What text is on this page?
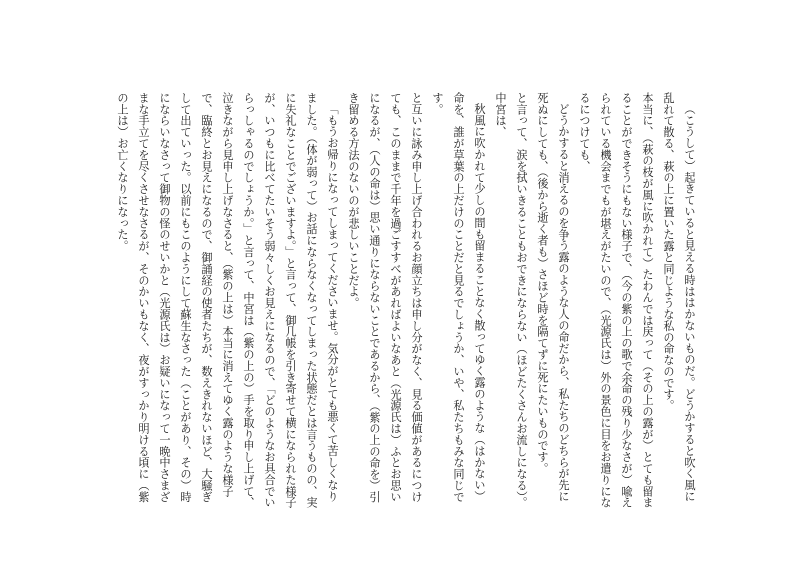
（こうして）起きていると見える時ははかないものだ。どうかすると吹く風に乱れて散る、萩の上に置いた露と同じような私の命なのです。

本当に、（萩の枝が風に吹かれて）たわんでは戻って（その上の露が）とても留まることができそうにもない様子で、（今の紫の上の歌で余命の残り少なさが）喩えられている機会までもが堪えがたいので、（光源氏は）外の景色に目をお遣りになるにつけても、

どうかすると消えるのを争う露のような人の命だから、私たちのどちらが先に死ぬにしても、（後から逝く者も）さほど時を隔てずに死にたいものです。

と言って、涙を拭いきることもおできにならない（ほどたくさんお流しになる）。中宮は、

秋風に吹かれて少しの間も留まることなく散ってゆく露のような（はかない）命を、誰が草葉の上だけのことだと見るでしょうか、いや、私たちもみな同じです。

と互いに詠み申し上げ合われるお顔立ちは申し分がなく、見る価値があるにつけても、このままで千年を過ごすすべがあればよいなあと（光源氏は）ふとお思いになるが、（人の命は）思い通りにならないことであるから、（紫の上の命を）引き留める方法のないのが悲しいことだよ。

「もうお帰りになってしまってくださいませ。気分がとても悪くて苦しくなりました。（体が弱って）お話にならなくなってしまった状態だとは言うものの、実に失礼なことでございますよ。」と言って、御几帳を引き寄せて横になられた様子が、いつもに比べてたいそう弱々しくお見えになるので、「どのようなお具合でいらっしゃるのでしょうか。」と言って、中宮は（紫の上の）手を取り申し上げて、泣きながら見申し上げなさると、（紫の上は）本当に消えてゆく露のような様子で、臨終とお見えになるので、御誦経の使者たちが、数えきれないほど、大騒ぎして出ていった。以前にもこのようにして蘇生なさった（ことがあり、その）時にならいなさって御物の怪のせいかと（光源氏は）お疑いになって一晩中さまざまな手立てを尽くさせなさるが、そのかいもなく、夜がすっかり明ける頃に（紫の上は）お亡くなりになった。
